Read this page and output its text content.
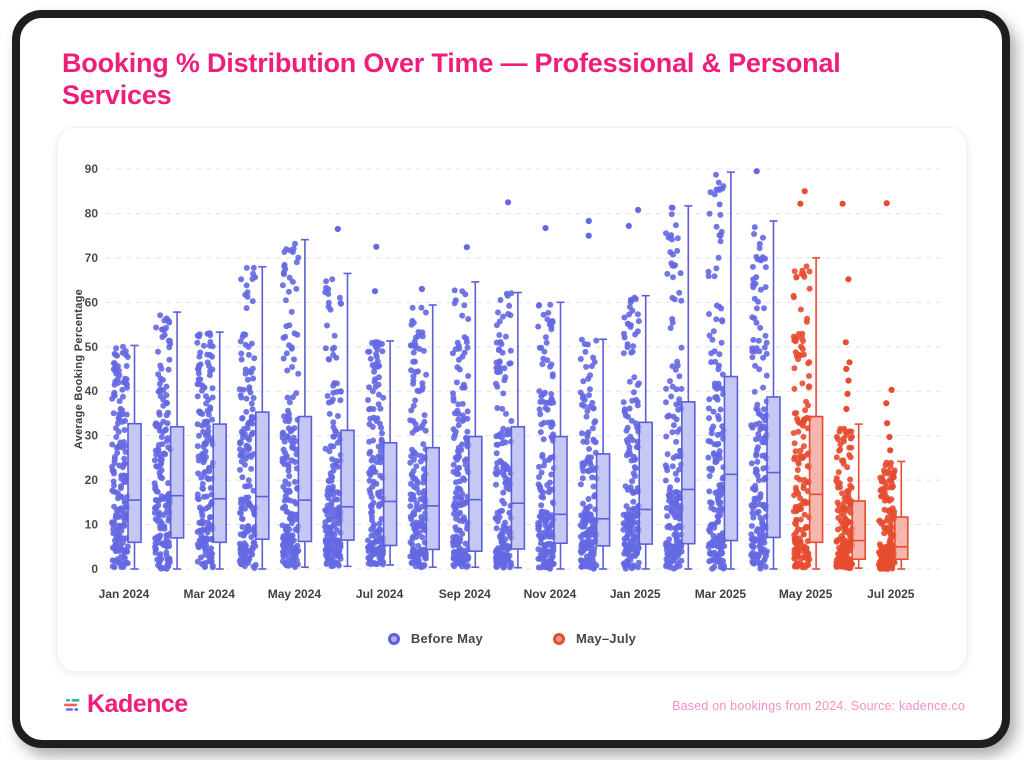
Booking % Distribution Over Time — Professional & Personal Services
0
10
20
30
40
50
60
70
80
90
Jan 2024	Mar 2024	May 2024	Jul 2024	Sep 2024	Nov 2024	Jan 2025	Mar 2025	May 2025	Jul 2025
Average Booking Percentage
Before May	May–July
Kadence	Based on bookings from 2024. Source: kadence.co
